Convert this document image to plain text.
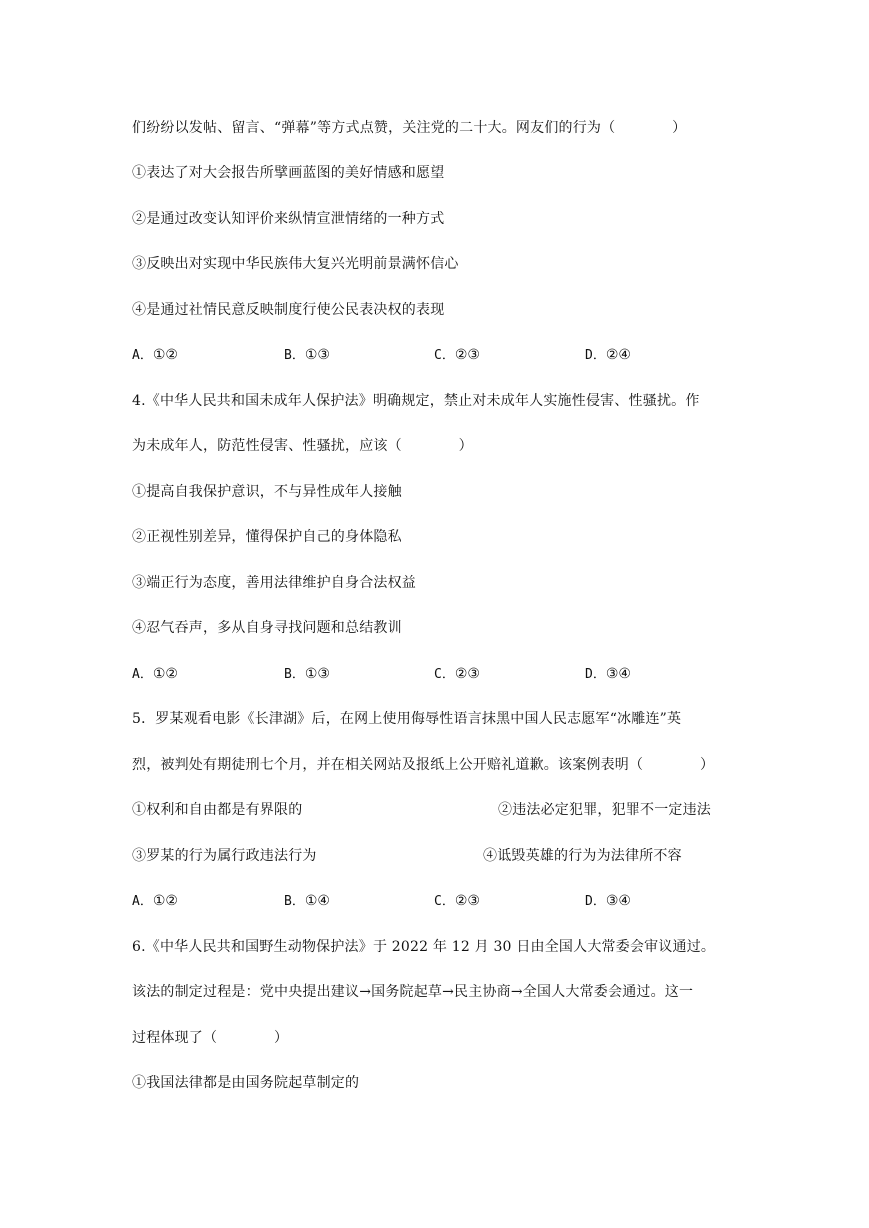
们纷纷以发帖、留言、“弹幕”等方式点赞，关注党的二十大。网友们的行为（　　　　）
①表达了对大会报告所擘画蓝图的美好情感和愿望
②是通过改变认知评价来纵情宣泄情绪的一种方式
③反映出对实现中华民族伟大复兴光明前景满怀信心
④是通过社情民意反映制度行使公民表决权的表现
A．①②	B．①③	C．②③	D．②④
4.《中华人民共和国未成年人保护法》明确规定，禁止对未成年人实施性侵害、性骚扰。作
为未成年人，防范性侵害、性骚扰，应该（　　　　）
①提高自我保护意识，不与异性成年人接触
②正视性别差异，懂得保护自己的身体隐私
③端正行为态度，善用法律维护自身合法权益
④忍气吞声，多从自身寻找问题和总结教训
A．①②	B．①③	C．②③	D．③④
5．罗某观看电影《长津湖》后，在网上使用侮辱性语言抹黑中国人民志愿军“冰雕连”英
烈，被判处有期徒刑七个月，并在相关网站及报纸上公开赔礼道歉。该案例表明（　　　　）
①权利和自由都是有界限的	②违法必定犯罪，犯罪不一定违法
③罗某的行为属行政违法行为	④诋毁英雄的行为为法律所不容
A．①②	B．①④	C．②③	D．③④
6.《中华人民共和国野生动物保护法》于 2022 年 12 月 30 日由全国人大常委会审议通过。
该法的制定过程是：党中央提出建议→国务院起草→民主协商→全国人大常委会通过。这一
过程体现了（　　　　）
①我国法律都是由国务院起草制定的
